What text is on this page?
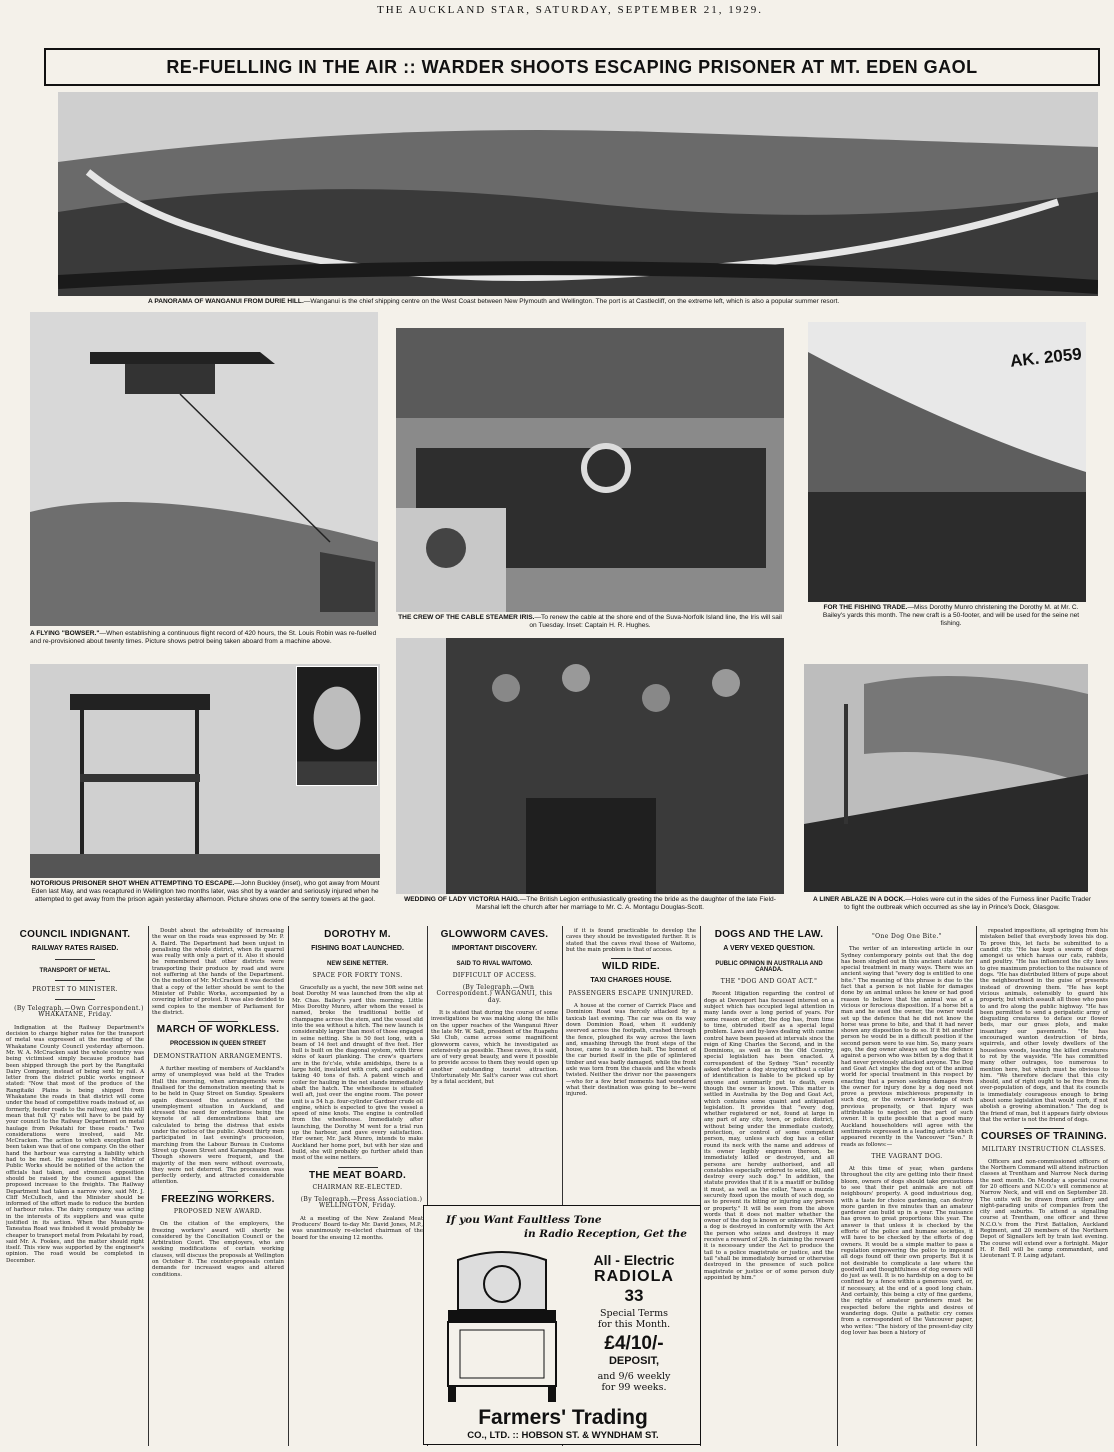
THE AUCKLAND STAR, SATURDAY, SEPTEMBER 21, 1929.
RE-FUELLING IN THE AIR :: WARDER SHOOTS ESCAPING PRISONER AT MT. EDEN GAOL
A PANORAMA OF WANGANUI FROM DURIE HILL.—Wanganui is the chief shipping centre on the West Coast between New Plymouth and Wellington. The port is at Castlecliff, on the extreme left, which is also a popular summer resort.
A FLYING "BOWSER."—When establishing a continuous flight record of 420 hours, the St. Louis Robin was re-fuelled and re-provisioned about twenty times. Picture shows petrol being taken aboard from a machine above.
THE CREW OF THE CABLE STEAMER IRIS.—To renew the cable at the shore end of the Suva-Norfolk Island line, the Iris will sail on Tuesday. Inset: Captain H. R. Hughes.
AK. 2059
FOR THE FISHING TRADE.—Miss Dorothy Munro christening the Dorothy M. at Mr. C. Bailey's yards this month. The new craft is a 50-footer, and will be used for the seine net fishing.
NOTORIOUS PRISONER SHOT WHEN ATTEMPTING TO ESCAPE.—John Buckley (inset), who got away from Mount Eden last May, and was recaptured in Wellington two months later, was shot by a warder and seriously injured when he attempted to get away from the prison again yesterday afternoon. Picture shows one of the sentry towers at the gaol.	WEDDING OF LADY VICTORIA HAIG.—The British Legion enthusiastically greeting the bride as the daughter of the late Field-Marshal left the church after her marriage to Mr. C. A. Montagu Douglas-Scott.
A LINER ABLAZE IN A DOCK.—Holes were cut in the sides of the Furness liner Pacific Trader to fight the outbreak which occurred as she lay in Prince's Dock, Glasgow.
COUNCIL INDIGNANT.
RAILWAY RATES RAISED.
TRANSPORT OF METAL.
PROTEST TO MINISTER.

(By Telegraph.—Own Correspondent.) WHAKATANE, Friday.

Indignation at the Railway Department's decision to charge higher rates for the transport of metal was expressed at the meeting of the Whakatane County Council yesterday afternoon. Mr. W. A. McCracken said the whole country was being victimised simply because produce had been shipped through the port by the Rangitaiki Dairy Company, instead of being sent by rail. A letter from the district public works engineer stated: "Now that most of the produce of the Rangitaiki Plains is being shipped from Whakatane the roads in that district will come under the head of competitive roads instead of, as formerly, feeder roads to the railway, and this will mean that full 'Q' rates will have to be paid by your council to the Railway Department on metal haulage from Pekatahi for these roads." Two considerations were involved, said Mr. McCracken. The action to which exception had been taken was that of one company. On the other hand the harbour was carrying a liability which had to be met. He suggested the Minister of Public Works should be notified of the action the officials had taken, and strenuous opposition should be raised by the council against the proposed increase to the freights. The Railway Department had taken a narrow view, said Mr. J. Cliff McCulloch, and the Minister should be informed of the effort made to reduce the burden of harbour rates. The dairy company was acting in the interests of its suppliers and was quite justified in its action. When the Maungaroa-Taneatua Road was finished it would probably be cheaper to transport metal from Pekatahi by road, said Mr. A. Fookes, and the matter should right itself. This view was supported by the engineer's opinion. The road would be completed in December.

Doubt about the advisability of increasing the wear on the roads was expressed by Mr. P. A. Baird. The Department had been unjust in penalising the whole district, when its quarrel was really with only a part of it. Also it should be remembered that other districts were transporting their produce by road and were not suffering at the hands of the Department. On the motion of Mr. McCracken it was decided that a copy of the letter should be sent to the Minister of Public Works, accompanied by a covering letter of protest. It was also decided to send copies to the member of Parliament for the district.

MARCH OF WORKLESS.
PROCESSION IN QUEEN STREET
DEMONSTRATION ARRANGEMENTS.

A further meeting of members of Auckland's army of unemployed was held at the Trades Hall this morning, when arrangements were finalised for the demonstration meeting that is to be held in Quay Street on Sunday. Speakers again discussed the acuteness of the unemployment situation in Auckland, and stressed the need for orderliness being the keynote of all demonstrations that are calculated to bring the distress that exists under the notice of the public. About thirty men participated in last evening's procession, marching from the Labour Bureau in Customs Street up Queen Street and Karangahape Road. Though showers were frequent, and the majority of the men were without overcoats, they were not deterred. The procession was perfectly orderly, and attracted considerable attention.

FREEZING WORKERS.
PROPOSED NEW AWARD.

On the citation of the employers, the freezing workers' award will shortly be considered by the Conciliation Council or the Arbitration Court. The employers, who are seeking modifications of certain working clauses, will discuss the proposals at Wellington on October 8. The counter-proposals contain demands for increased wages and altered conditions.

DOROTHY M.
FISHING BOAT LAUNCHED.
NEW SEINE NETTER.
SPACE FOR FORTY TONS.

Gracefully as a yacht, the new 50ft seine net boat Dorothy M was launched from the slip at Mr. Chas. Bailey's yard this morning. Little Miss Dorothy Munro, after whom the vessel is named, broke the traditional bottle of champagne across the stem, and the vessel slid into the sea without a hitch. The new launch is considerably larger than most of those engaged in seine netting. She is 50 feet long, with a beam of 14 feet and draught of five feet. Her hull is built on the diagonal system, with three skins of kauri planking. The crew's quarters are in the fo'c'sle, while amidships, there is a large hold, insulated with cork, and capable of taking 40 tons of fish. A patent winch and coiler for hauling in the net stands immediately abaft the hatch. The wheelhouse is situated well aft, just over the engine room. The power unit is a 54 h.p. four-cylinder Gardner crude oil engine, which is expected to give the vessel a speed of nine knots. The engine is controlled from the wheelhouse. Immediately after launching, the Dorothy M went for a trial run up the harbour, and gave every satisfaction. Her owner, Mr. Jack Munro, intends to make Auckland her home port, but with her size and build, she will probably go further afield than most of the seine netters.

THE MEAT BOARD.
CHAIRMAN RE-ELECTED.

(By Telegraph.—Press Association.) WELLINGTON, Friday.

At a meeting of the New Zealand Meat Producers' Board to-day Mr. David Jones, M.P., was unanimously re-elected chairman of the board for the ensuing 12 months.

GLOWWORM CAVES.
IMPORTANT DISCOVERY.
SAID TO RIVAL WAITOMO.
DIFFICULT OF ACCESS.

(By Telegraph.—Own Correspondent.) WANGANUI, this day.

It is stated that during the course of some investigations he was making along the hills on the upper reaches of the Wanganui River the late Mr. W. Salt, president of the Ruapehu Ski Club, came across some magnificent glowworm caves, which he investigated as extensively as possible. These caves, it is said, are of very great beauty, and were it possible to provide access to them they would open up another outstanding tourist attraction. Unfortunately Mr. Salt's career was cut short by a fatal accident, but

if it is found practicable to develop the caves they should be investigated further. It is stated that the caves rival those of Waitomo, but the main problem is that of access.

WILD RIDE.
TAXI CHARGES HOUSE.
PASSENGERS ESCAPE UNINJURED.

A house at the corner of Carrick Place and Dominion Road was fiercely attacked by a taxicab last evening. The car was on its way down Dominion Road, when it suddenly swerved across the footpath, crashed through the fence, ploughed its way across the lawn and, smashing through the front steps of the house, came to a sudden halt. The bonnet of the car buried itself in the pile of splintered timber and was badly damaged, while the front axle was torn from the chassis and the wheels twisted. Neither the driver nor the passengers—who for a few brief moments had wondered what their destination was going to be—were injured.

DOGS AND THE LAW.
A VERY VEXED QUESTION.
PUBLIC OPINION IN AUSTRALIA AND CANADA.
THE "DOG AND GOAT ACT."

Recent litigation regarding the control of dogs at Devonport has focussed interest on a subject which has occupied legal attention in many lands over a long period of years. For some reason or other, the dog has, from time to time, obtruded itself as a special legal problem. Laws and by-laws dealing with canine control have been passed at intervals since the reign of King Charles the Second, and in the Dominions, as well as in the Old Country, special legislation has been enacted. A correspondent of the Sydney "Sun" recently asked whether a dog straying without a collar of identification is liable to be picked up by anyone and summarily put to death, even though the owner is known. This matter is settled in Australia by the Dog and Goat Act, which contains some quaint and antiquated legislation. It provides that "every dog, whether registered or not, found at large in any part of any city, town, or police district, without being under the immediate custody, protection, or control of some competent person, may, unless such dog has a collar round its neck with the name and address of its owner legibly engraven thereon, be immediately killed or destroyed, and all persons are hereby authorised, and all constables especially ordered to seize, kill, and destroy every such dog." In addition, the statute provides that if it is a mastiff or bulldog it must, as well as the collar, "have a muzzle securely fixed upon the mouth of such dog, so as to prevent its biting or injuring any person or property." It will be seen from the above words that it does not matter whether the owner of the dog is known or unknown. Where a dog is destroyed in conformity with the Act the person who seizes and destroys it may receive a reward of 2/6. In claiming the reward it is necessary under the Act to produce the tail to a police magistrate or justice, and the tail "shall be immediately burned or otherwise destroyed in the presence of such police magistrate or justice or of some person duly appointed by him."

"One Dog One Bite."

The writer of an interesting article in our Sydney contemporary points out that the dog has been singled out in this ancient statute for special treatment in many ways. There was an ancient saying that "every dog is entitled to one bite." The meaning of this phrase is due to the fact that a person is not liable for damages done by an animal unless he knew or had good reason to believe that the animal was of a vicious or ferocious disposition. If a horse bit a man and he sued the owner, the owner would set up the defence that he did not know the horse was prone to bite, and that it had never shown any disposition to do so. If it bit another person he would be in a difficult position if the second person were to sue him. So, many years ago, the dog owner always set up the defence against a person who was bitten by a dog that it had never previously attacked anyone. The Dog and Goat Act singles the dog out of the animal world for special treatment in this respect by enacting that a person seeking damages from the owner for injury done by a dog need not prove a previous mischievous propensity in such dog, or the owner's knowledge of such previous propensity, or that injury was attributable to neglect on the part of such owner. It is quite possible that a good many Auckland householders will agree with the sentiments expressed in a leading article which appeared recently in the Vancouver "Sun." It reads as follows:—

THE VAGRANT DOG.

At this time of year, when gardens throughout the city are getting into their finest bloom, owners of dogs should take precautions to see that their pet animals are not off neighbours' property. A good industrious dog, with a taste for choice gardening, can destroy more garden in five minutes than an amateur gardener can build up in a year. The nuisance has grown to great proportions this year. The answer is that unless it is checked by the efforts of the police and humane societies, it will have to be checked by the efforts of dog owners. It would be a simple matter to pass a regulation empowering the police to impound all dogs found off their own property. But it is not desirable to complicate a law where the goodwill and thoughtfulness of dog owners will do just as well. It is no hardship on a dog to be confined by a fence within a generous yard, or, if necessary, at the end of a good long chain. And certainly, this being a city of fine gardens, the rights of amateur gardeners must be respected before the rights and desires of wandering dogs. Quite a pathetic cry comes from a correspondent of the Vancouver paper, who writes: "The history of the present-day city dog lover has been a history of

repeated impositions, all springing from his mistaken belief that everybody loves his dog. To prove this, let facts be submitted to a candid city. "He has kept a swarm of dogs amongst us which harass our cats, rabbits, and poultry. "He has influenced the city laws to give maximum protection to the nuisance of dogs. "He has distributed litters of pups about the neighbourhood in the guise of presents instead of drowning them. "He has kept vicious animals, ostensibly to guard his property, but which assault all those who pass to and fro along the public highway. "He has been permitted to send a peripatetic army of disgusting creatures to deface our flower beds, mar our grass plots, and make insanitary our pavements. "He has encouraged wanton destruction of birds, squirrels, and other lovely dwellers of the houseless woods, leaving the killed creatures to rot by the wayside. "He has committed many other outrages, too numerous to mention here, but which must be obvious to him. "We therefore declare that this city should, and of right ought to be free from its over-population of dogs, and that its councils is immediately courageous enough to bring about some legislation that would curb, if not abolish a growing abomination." The dog is the friend of man, but it appears fairly obvious that the writer is not the friend of dogs.

COURSES OF TRAINING.
MILITARY INSTRUCTION CLASSES.

Officers and non-commissioned officers of the Northern Command will attend instruction classes at Trentham and Narrow Neck during the next month. On Monday a special course for 20 officers and N.C.O.'s will commence at Narrow Neck, and will end on September 28. The units will be drawn from artillery and night-parading units of companies from the city and suburbs. To attend a signalling course at Trentham, one officer and three N.C.O.'s from the First Battalion, Auckland Regiment, and 20 members of the Northern Depot of Signallers left by train last evening. The course will extend over a fortnight. Major H. P. Bell will be camp commandant, and Lieutenant T. P. Laing adjutant.

If you Want Faultless Tone
in Radio Reception, Get the
All - Electric
RADIOLA
33
Special Terms
for this Month.
£4/10/-
DEPOSIT,
and 9/6 weekly
for 99 weeks.
Farmers' Trading
CO., LTD. :: HOBSON ST. & WYNDHAM ST.
